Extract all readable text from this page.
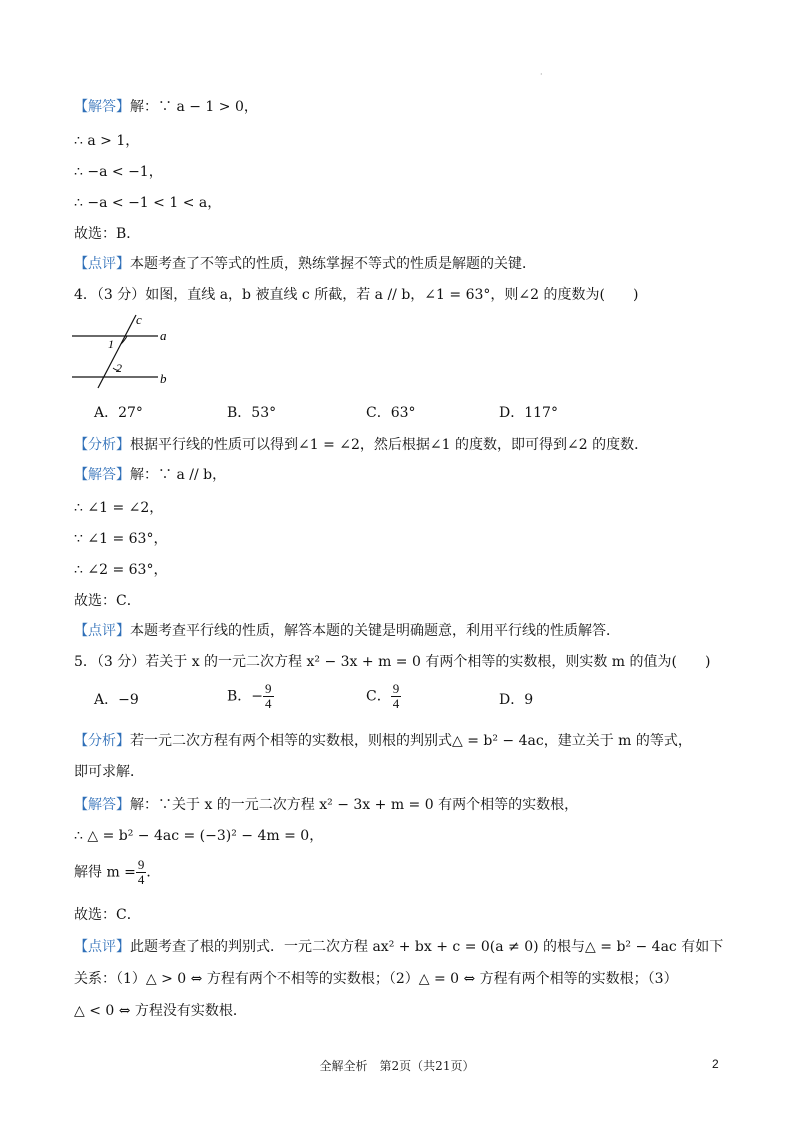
·
【解答】解：∵ a − 1 > 0，
∴ a > 1，
∴ −a < −1，
∴ −a < −1 < 1 < a，
故选：B．
【点评】本题考查了不等式的性质，熟练掌握不等式的性质是解题的关键．
4．（3 分）如图，直线 a，b 被直线 c 所截，若 a // b，∠1 = 63°，则∠2 的度数为(　　)
c
a
b
1
2
A．27°	B．53°	C．63°	D．117°
【分析】根据平行线的性质可以得到∠1 = ∠2，然后根据∠1 的度数，即可得到∠2 的度数．
【解答】解：∵ a // b，
∴ ∠1 = ∠2，
∵ ∠1 = 63°，
∴ ∠2 = 63°，
故选：C．
【点评】本题考查平行线的性质，解答本题的关键是明确题意，利用平行线的性质解答．
5．（3 分）若关于 x 的一元二次方程 x² − 3x + m = 0 有两个相等的实数根，则实数 m 的值为(　　)
A．−9	B．− $\frac{9}{4}$	C． $\frac{9}{4}$	D．9
【分析】若一元二次方程有两个相等的实数根，则根的判别式△ = b² − 4ac，建立关于 m 的等式，
即可求解．
【解答】解：∵关于 x 的一元二次方程 x² − 3x + m = 0 有两个相等的实数根，
∴ △ = b² − 4ac = (−3)² − 4m = 0，
解得 $m = \frac{9}{4}$ ．
故选：C．
【点评】此题考查了根的判别式．一元二次方程 ax² + bx + c = 0(a ≠ 0) 的根与△ = b² − 4ac 有如下
关系：（1）△ > 0 ⇔ 方程有两个不相等的实数根；（2）△ = 0 ⇔ 方程有两个相等的实数根；（3）
△ < 0 ⇔ 方程没有实数根．
全解全析　第2页（共21页）	2
